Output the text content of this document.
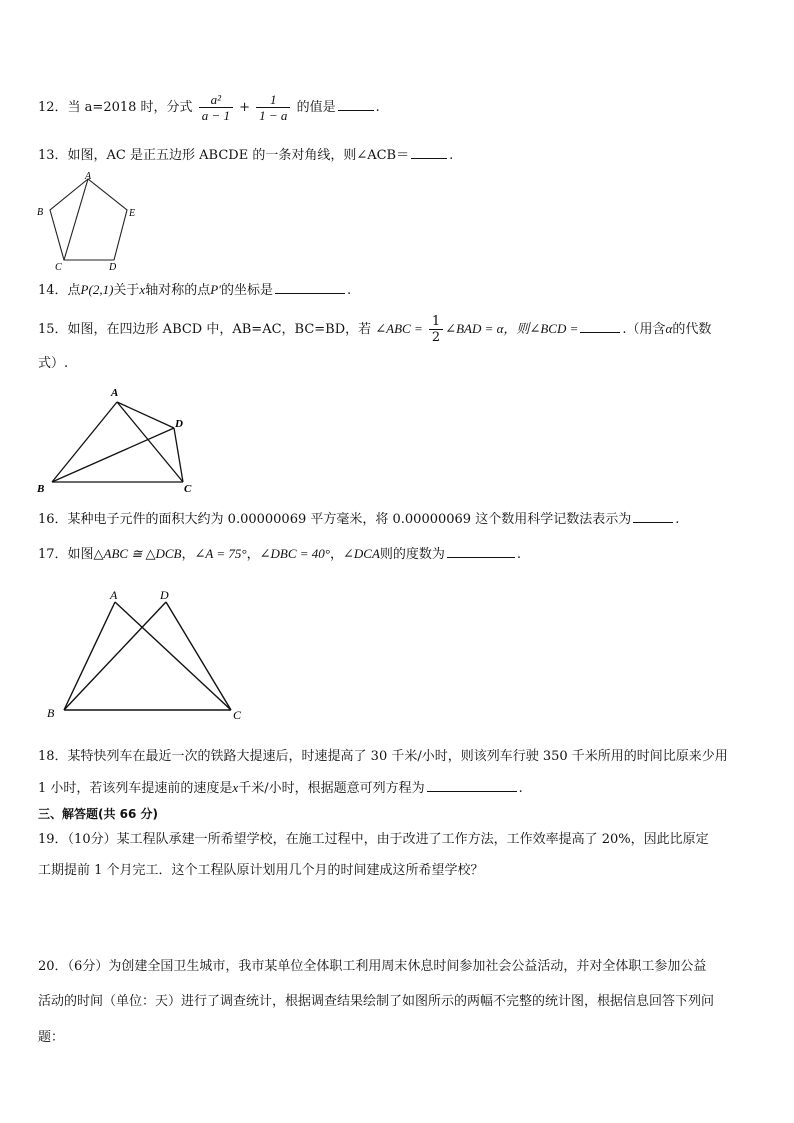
12．当 a=2018 时，分式 $\frac{\text{a²}}{a - 1} + \frac{1}{1 - a}$ 的值是	.
13．如图，AC 是正五边形 ABCDE 的一条对角线，则∠ACB＝	.
A
B	E
C	D
14．点P(2,1)关于x轴对称的点P′的坐标是	.
15．如图，在四边形 ABCD 中，AB=AC，BC=BD，若 ∠ABC = $\frac{1}{2}$ ∠BAD = α，则∠BCD =	.（用含α的代数
式）.
A
D
B	C
16．某种电子元件的面积大约为 0.00000069 平方毫米，将 0.00000069 这个数用科学记数法表示为	.
17．如图△ABC ≅ △DCB，∠A = 75°，∠DBC = 40°，∠DCA则的度数为	.
A	D
B	C
18．某特快列车在最近一次的铁路大提速后，时速提高了 30 千米/小时，则该列车行驶 350 千米所用的时间比原来少用
1 小时，若该列车提速前的速度是x千米/小时，根据题意可列方程为	.
三、解答题(共 66 分)
19．（10分）某工程队承建一所希望学校，在施工过程中，由于改进了工作方法，工作效率提高了 20%，因此比原定
工期提前 1 个月完工．这个工程队原计划用几个月的时间建成这所希望学校？
20．（6分）为创建全国卫生城市，我市某单位全体职工利用周末休息时间参加社会公益活动，并对全体职工参加公益
活动的时间（单位：天）进行了调查统计，根据调查结果绘制了如图所示的两幅不完整的统计图，根据信息回答下列问
题：
